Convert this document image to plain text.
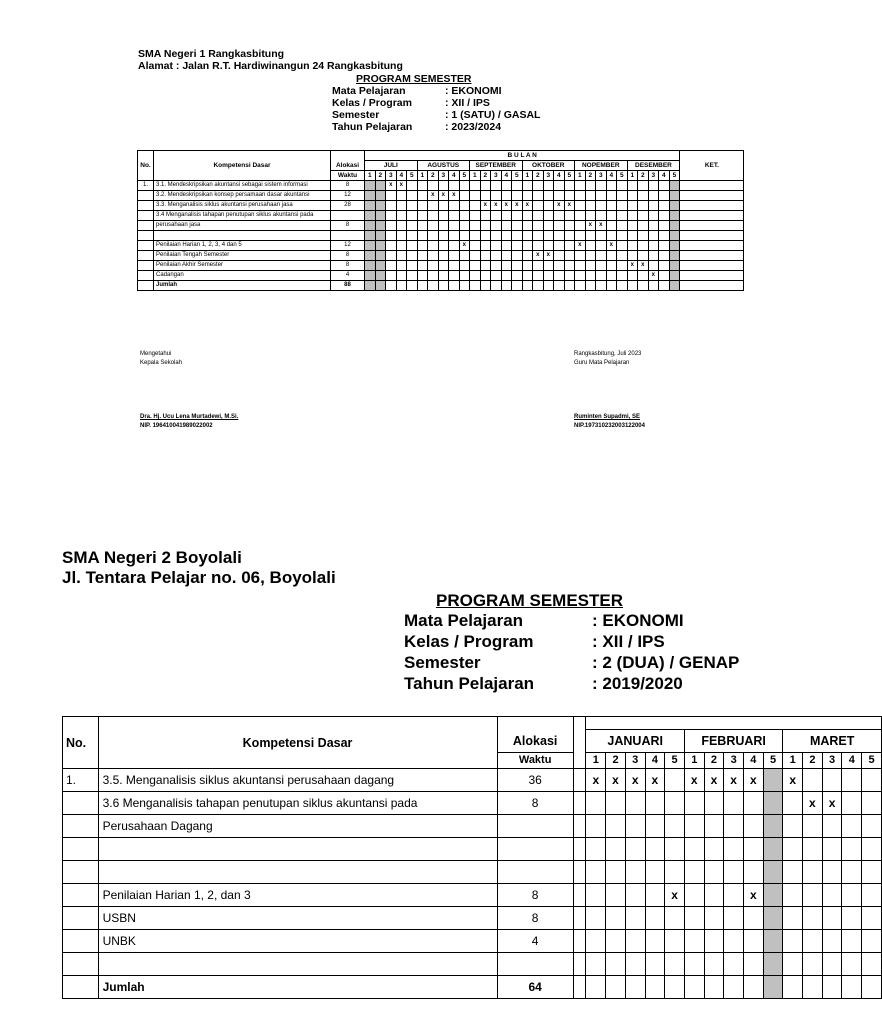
SMA Negeri 1 Rangkasbitung
Alamat : Jalan R.T. Hardiwinangun 24 Rangkasbitung
PROGRAM SEMESTER
Mata Pelajaran
Kelas / Program
Semester
Tahun Pelajaran
: EKONOMI
: XII / IPS
: 1 (SATU) / GASAL
: 2023/2024
No.	Kompetensi Dasar	Alokasi	B U L A N																														KET.
			JULI					AGUSTUS					SEPTEMBER					OKTOBER					NOPEMBER					DESEMBER					
		Waktu	1	2	3	4	5	1	2	3	4	5	1	2	3	4	5	1	2	3	4	5	1	2	3	4	5	1	2	3	4	5	
1.	3.1. Mendeskripsikan akuntansi sebagai sistem informasi	8			x	x																											
	3.2. Mendeskripsikan konsep persamaan dasar akuntansi	12							x	x	x																						
	3.3. Menganalisis siklus akuntansi perusahaan jasa	28												x	x	x	x	x			x	x											
	3.4 Menganalisis tahapan penutupan siklus akuntansi pada																																
	perusahaan jasa	8																						x	x								

	Penilaian Harian 1, 2, 3, 4 dan 5	12										x											x			x							
	Penilaian Tengah Semester	8																	x	x													
	Penilaian Akhir Semester	8																										x	x				
	Cadangan	4																												x			
	Jumlah	88																															
Mengetahui
Kepala Sekolah
Dra. Hj. Ucu Lena Murtadewi, M.Si.
NIP. 196410041989022002
Rangkasbitung, Juli 2023
Guru Mata Pelajaran
Ruminten Supadmi, SE
NIP.197310232003122004
SMA Negeri 2 Boyolali
Jl. Tentara Pelajar no. 06, Boyolali
PROGRAM SEMESTER
Mata Pelajaran
Kelas / Program
Semester
Tahun Pelajaran
: EKONOMI
: XII / IPS
: 2 (DUA) / GENAP
: 2019/2020
No.	Kompetensi Dasar	Alokasi																
				JANUARI					FEBRUARI					MARET				
		Waktu		1	2	3	4	5	1	2	3	4	5	1	2	3	4	5
1.	3.5. Menganalisis siklus akuntansi perusahaan dagang	36		x	x	x	x		x	x	x	x		x				
	3.6 Menganalisis tahapan penutupan siklus akuntansi pada	8													x	x		
	Perusahaan Dagang																	

	Penilaian Harian 1, 2, dan 3	8						x				x						
	USBN	8																
	UNBK	4																

	Jumlah	64																
